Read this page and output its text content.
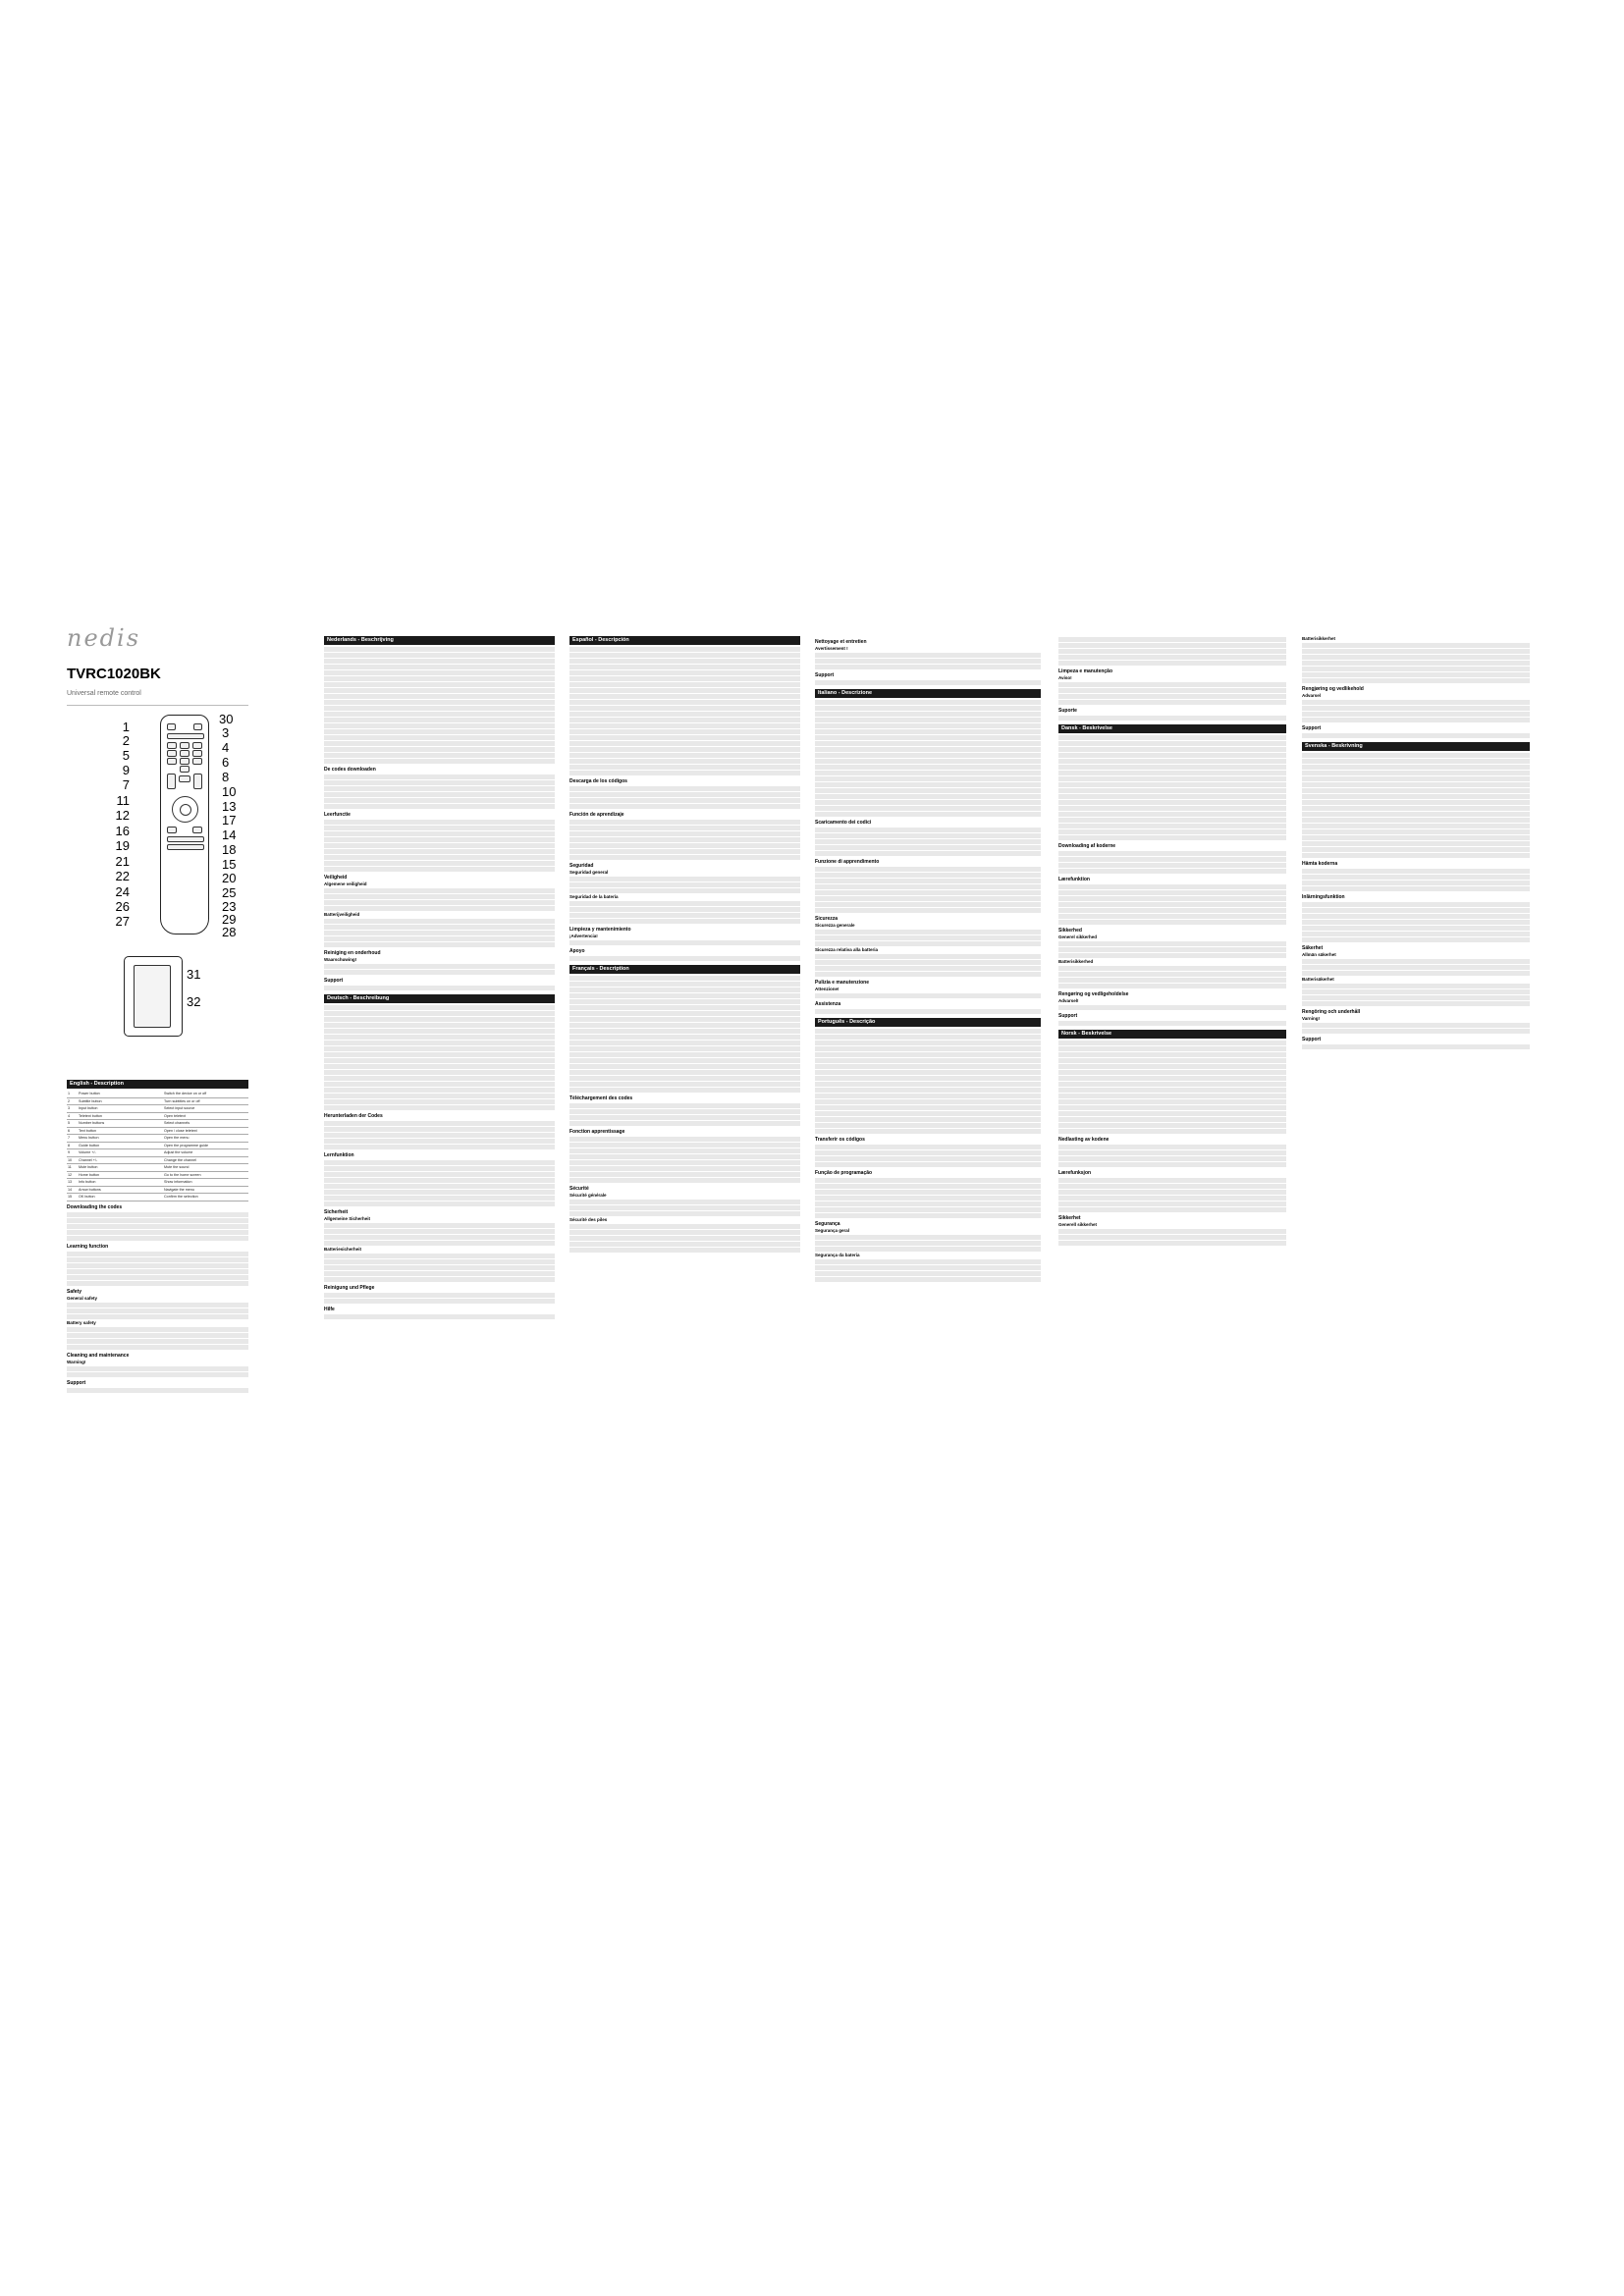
nedis
TVRC1020BK
Universal remote control
1
2
5
9
7
11
12
16
19
21
22
24
26
27
30
3
4
6
8
10
13
17
14
18
15
20
25
23
29
28
31
32
English - Description
1	Power button	Switch the device on or off
2	Subtitle button	Turn subtitles on or off
3	Input button	Select input source
4	Teletext button	Open teletext
5	Number buttons	Select channels
6	Text button	Open / close teletext
7	Menu button	Open the menu
8	Guide button	Open the programme guide
9	Volume +/-	Adjust the volume
10	Channel +/-	Change the channel
11	Mute button	Mute the sound
12	Home button	Go to the home screen
13	Info button	Show information
14	Arrow buttons	Navigate the menu
15	OK button	Confirm the selection
Downloading the codes
Learning function
Safety
General safety
Battery safety
Cleaning and maintenance
Warning!
Support
Nederlands - Beschrijving
De codes downloaden
Leerfunctie
Veiligheid
Algemene veiligheid
Batterijveiligheid
Reiniging en onderhoud
Waarschuwing!
Support
Deutsch - Beschreibung
Herunterladen der Codes
Lernfunktion
Sicherheit
Allgemeine Sicherheit
Batteriesicherheit
Reinigung und Pflege
Hilfe
Español - Descripción
Descarga de los códigos
Función de aprendizaje
Seguridad
Seguridad general
Seguridad de la batería
Limpieza y mantenimiento
¡Advertencia!
Apoyo
Français - Description
Téléchargement des codes
Fonction apprentissage
Sécurité
Sécurité générale
Sécurité des piles
Nettoyage et entretien
Avertissement !
Support
Italiano - Descrizione
Scaricamento dei codici
Funzione di apprendimento
Sicurezza
Sicurezza generale
Sicurezza relativa alla batteria
Pulizia e manutenzione
Attenzione!
Assistenza
Português - Descrição
Transferir os códigos
Função de programação
Segurança
Segurança geral
Segurança da bateria
Limpeza e manutenção
Aviso!
Suporte
Dansk - Beskrivelse
Downloading af koderne
Lærefunktion
Sikkerhed
Generel sikkerhed
Batterisikkerhed
Rengøring og vedligeholdelse
Advarsel!
Support
Norsk - Beskrivelse
Nedlasting av kodene
Lærefunksjon
Sikkerhet
Generell sikkerhet
Batterisikkerhet
Rengjøring og vedlikehold
Advarsel
Support
Svenska - Beskrivning
Hämta koderna
Inlärningsfunktion
Säkerhet
Allmän säkerhet
Batterisäkerhet
Rengöring och underhåll
Varning!
Support
